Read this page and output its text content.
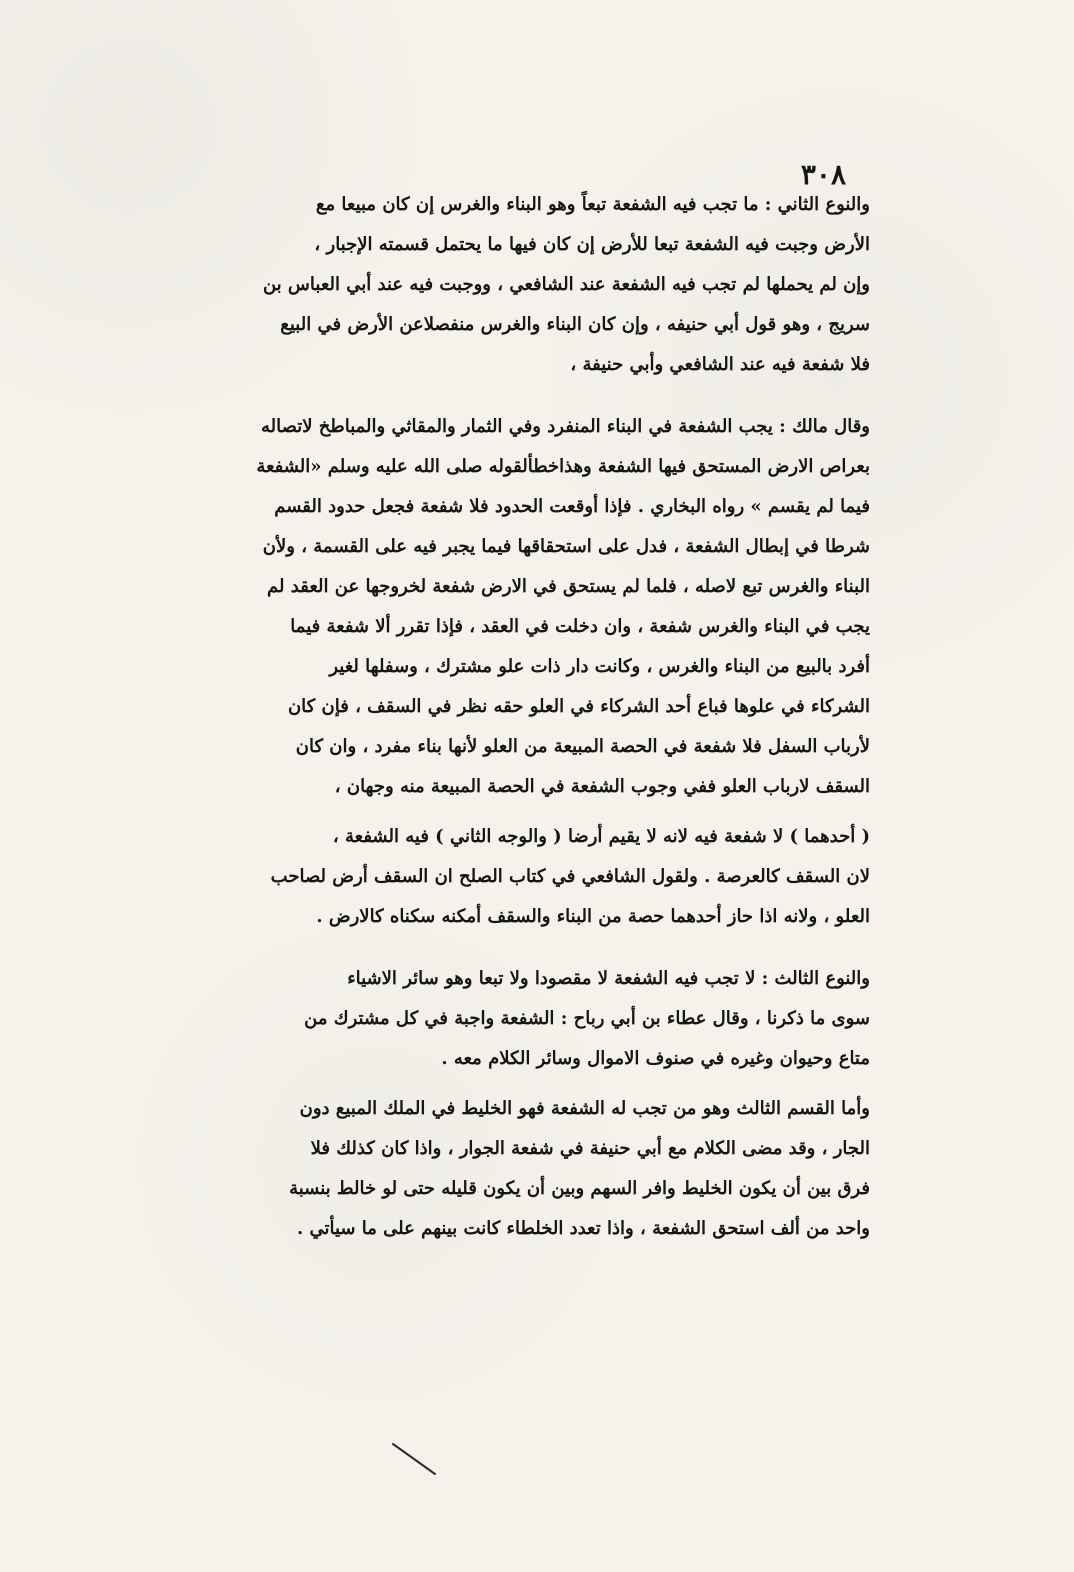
٣٠٨
والنوع الثاني : ما تجب فيه الشفعة تبعاً وهو البناء والغرس إن كان مبيعا مع
الأرض وجبت فيه الشفعة تبعا للأرض إن كان فيها ما يحتمل قسمته الإجبار ،
وإن لم يحملها لم تجب فيه الشفعة عند الشافعي ، ووجبت فيه عند أبي العباس بن
سريج ، وهو قول أبي حنيفه ، وإن كان البناء والغرس منفصلاعن الأرض في البيع
فلا شفعة فيه عند الشافعي وأبي حنيفة ،
وقال مالك : يجب الشفعة في البناء المنفرد وفي الثمار والمقاثي والمباطخ لاتصاله
بعراص الارض المستحق فيها الشفعة وهذاخطألقوله صلى الله عليه وسلم «الشفعة
فيما لم يقسم » رواه البخاري . فإذا أوقعت الحدود فلا شفعة فجعل حدود القسم
شرطا في إبطال الشفعة ، فدل على استحقاقها فيما يجبر فيه على القسمة ، ولأن
البناء والغرس تبع لاصله ، فلما لم يستحق في الارض شفعة لخروجها عن العقد لم
يجب في البناء والغرس شفعة ، وان دخلت في العقد ، فإذا تقرر ألا شفعة فيما
أفرد بالبيع من البناء والغرس ، وكانت دار ذات علو مشترك ، وسفلها لغير
الشركاء في علوها فباع أحد الشركاء في العلو حقه نظر في السقف ، فإن كان
لأرباب السفل فلا شفعة في الحصة المبيعة من العلو لأنها بناء مفرد ، وان كان
السقف لارباب العلو ففي وجوب الشفعة في الحصة المبيعة منه وجهان ،
( أحدهما ) لا شفعة فيه لانه لا يقيم أرضا ( والوجه الثاني ) فيه الشفعة ،
لان السقف كالعرصة . ولقول الشافعي في كتاب الصلح ان السقف أرض لصاحب
العلو ، ولانه اذا حاز أحدهما حصة من البناء والسقف أمكنه سكناه كالارض .
والنوع الثالث : لا تجب فيه الشفعة لا مقصودا ولا تبعا وهو سائر الاشياء
سوى ما ذكرنا ، وقال عطاء بن أبي رباح : الشفعة واجبة في كل مشترك من
متاع وحيوان وغيره في صنوف الاموال وسائر الكلام معه .
وأما القسم الثالث وهو من تجب له الشفعة فهو الخليط في الملك المبيع دون
الجار ، وقد مضى الكلام مع أبي حنيفة في شفعة الجوار ، واذا كان كذلك فلا
فرق بين أن يكون الخليط وافر السهم وبين أن يكون قليله حتى لو خالط بنسبة
واحد من ألف استحق الشفعة ، واذا تعدد الخلطاء كانت بينهم على ما سيأتي .
